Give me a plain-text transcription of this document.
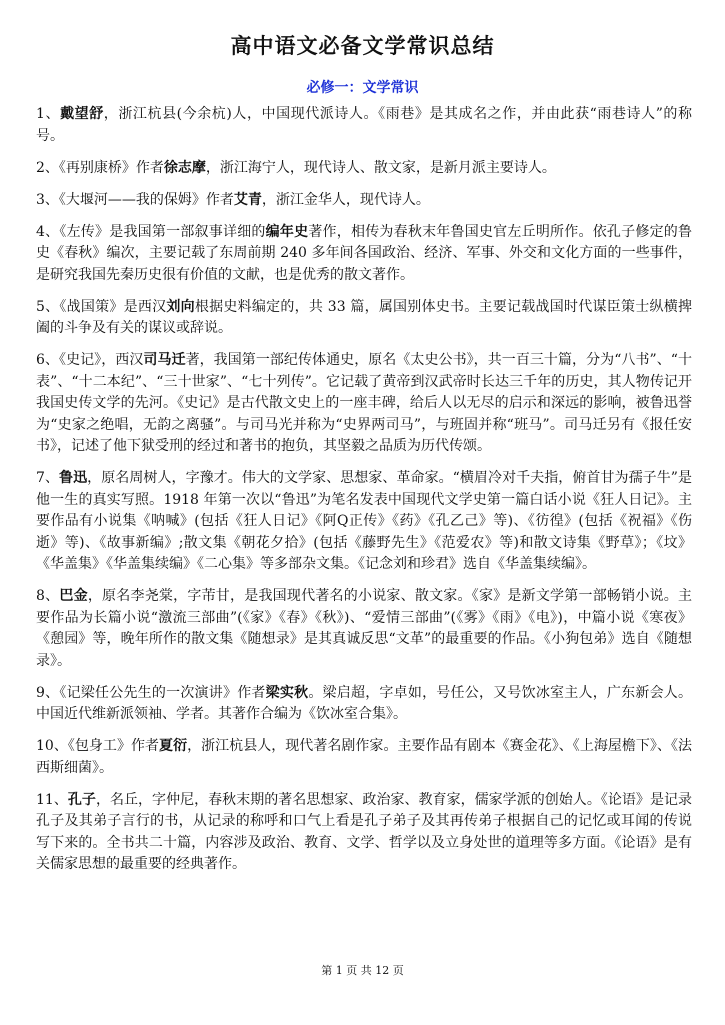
高中语文必备文学常识总结
必修一：文学常识

1、戴望舒，浙江杭县(今余杭)人，中国现代派诗人。《雨巷》是其成名之作，并由此获“雨巷诗人”的称号。

2、《再别康桥》作者徐志摩，浙江海宁人，现代诗人、散文家，是新月派主要诗人。

3、《大堰河——我的保姆》作者艾青，浙江金华人，现代诗人。

4、《左传》是我国第一部叙事详细的编年史著作，相传为春秋末年鲁国史官左丘明所作。依孔子修定的鲁史《春秋》编次，主要记载了东周前期 240 多年间各国政治、经济、军事、外交和文化方面的一些事件，是研究我国先秦历史很有价值的文献，也是优秀的散文著作。

5、《战国策》是西汉刘向根据史料编定的，共 33 篇，属国别体史书。主要记载战国时代谋臣策士纵横捭阖的斗争及有关的谋议或辞说。

6、《史记》，西汉司马迁著，我国第一部纪传体通史，原名《太史公书》，共一百三十篇，分为“八书”、“十表”、“十二本纪”、“三十世家”、“七十列传”。它记载了黄帝到汉武帝时长达三千年的历史，其人物传记开我国史传文学的先河。《史记》是古代散文史上的一座丰碑，给后人以无尽的启示和深远的影响，被鲁迅誉为“史家之绝唱，无韵之离骚”。与司马光并称为“史界两司马”，与班固并称“班马”。司马迁另有《报任安书》，记述了他下狱受刑的经过和著书的抱负，其坚毅之品质为历代传颂。

7、鲁迅，原名周树人，字豫才。伟大的文学家、思想家、革命家。“横眉冷对千夫指，俯首甘为孺子牛”是他一生的真实写照。1918 年第一次以“鲁迅”为笔名发表中国现代文学史第一篇白话小说《狂人日记》。主要作品有小说集《呐喊》(包括《狂人日记》《阿Q正传》《药》《孔乙己》等)、《彷徨》(包括《祝福》《伤逝》等)、《故事新编》;散文集《朝花夕拾》(包括《藤野先生》《范爱农》等)和散文诗集《野草》；《坟》《华盖集》《华盖集续编》《二心集》等多部杂文集。《记念刘和珍君》选自《华盖集续编》。

8、巴金，原名李尧棠，字芾甘，是我国现代著名的小说家、散文家。《家》是新文学第一部畅销小说。主要作品为长篇小说“激流三部曲”(《家》《春》《秋》)、“爱情三部曲”(《雾》《雨》《电》)，中篇小说《寒夜》《憩园》等，晚年所作的散文集《随想录》是其真诚反思“文革”的最重要的作品。《小狗包弟》选自《随想录》。

9、《记梁任公先生的一次演讲》作者梁实秋。梁启超，字卓如，号任公，又号饮冰室主人，广东新会人。中国近代维新派领袖、学者。其著作合编为《饮冰室合集》。

10、《包身工》作者夏衍，浙江杭县人，现代著名剧作家。主要作品有剧本《赛金花》、《上海屋檐下》、《法西斯细菌》。

11、孔子，名丘，字仲尼，春秋末期的著名思想家、政治家、教育家，儒家学派的创始人。《论语》是记录孔子及其弟子言行的书，从记录的称呼和口气上看是孔子弟子及其再传弟子根据自己的记忆或耳闻的传说写下来的。全书共二十篇，内容涉及政治、教育、文学、哲学以及立身处世的道理等多方面。《论语》是有关儒家思想的最重要的经典著作。

第 1 页 共 12 页
